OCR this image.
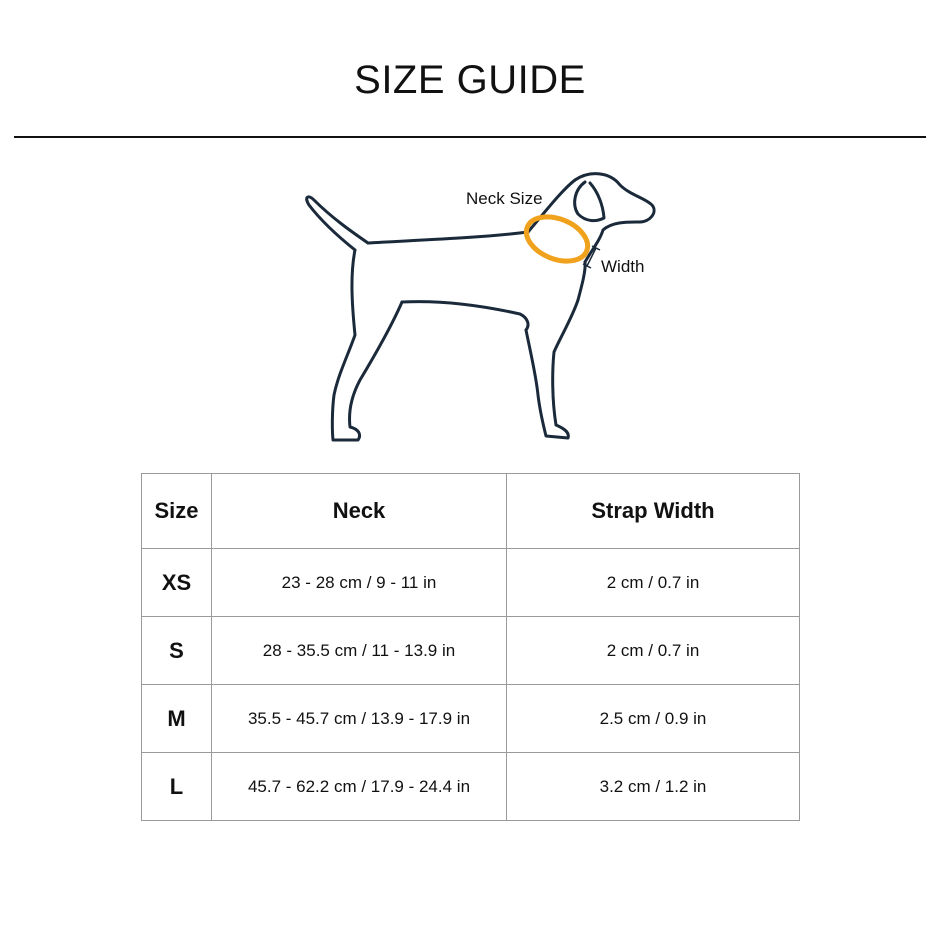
SIZE GUIDE
Neck Size
Width
Size	Neck	Strap Width
XS	23 - 28 cm / 9 - 11 in	2 cm / 0.7 in
S	28 - 35.5 cm / 11 - 13.9 in	2 cm / 0.7 in
M	35.5 - 45.7 cm / 13.9 - 17.9 in	2.5 cm / 0.9 in
L	45.7 - 62.2 cm / 17.9 - 24.4 in	3.2 cm / 1.2 in
